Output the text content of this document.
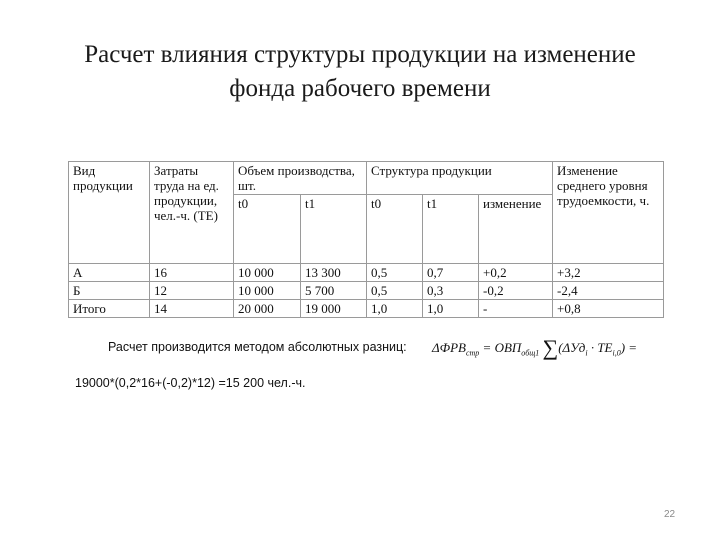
Расчет влияния структуры продукции на изменение
фонда рабочего времени
Вид продукции	Затраты труда на ед. продукции, чел.-ч. (ТЕ)	Объем производства, шт.		Структура продукции			Изменение среднего уровня трудоемкости, ч.
		t0	t1	t0	t1	изменение	
А	16	10 000	13 300	0,5	0,7	+0,2	+3,2
Б	12	10 000	5 700	0,5	0,3	-0,2	-2,4
Итого	14	20 000	19 000	1,0	1,0	-	+0,8
Расчет производится методом абсолютных разниц: $\Delta ФРВ_{стр} = ОВП_{общ1}$ $\sum(\Delta Уд_i \cdot ТЕ_{i,0})$ =
19000*(0,2*16+(-0,2)*12) =15 200 чел.-ч.
22
